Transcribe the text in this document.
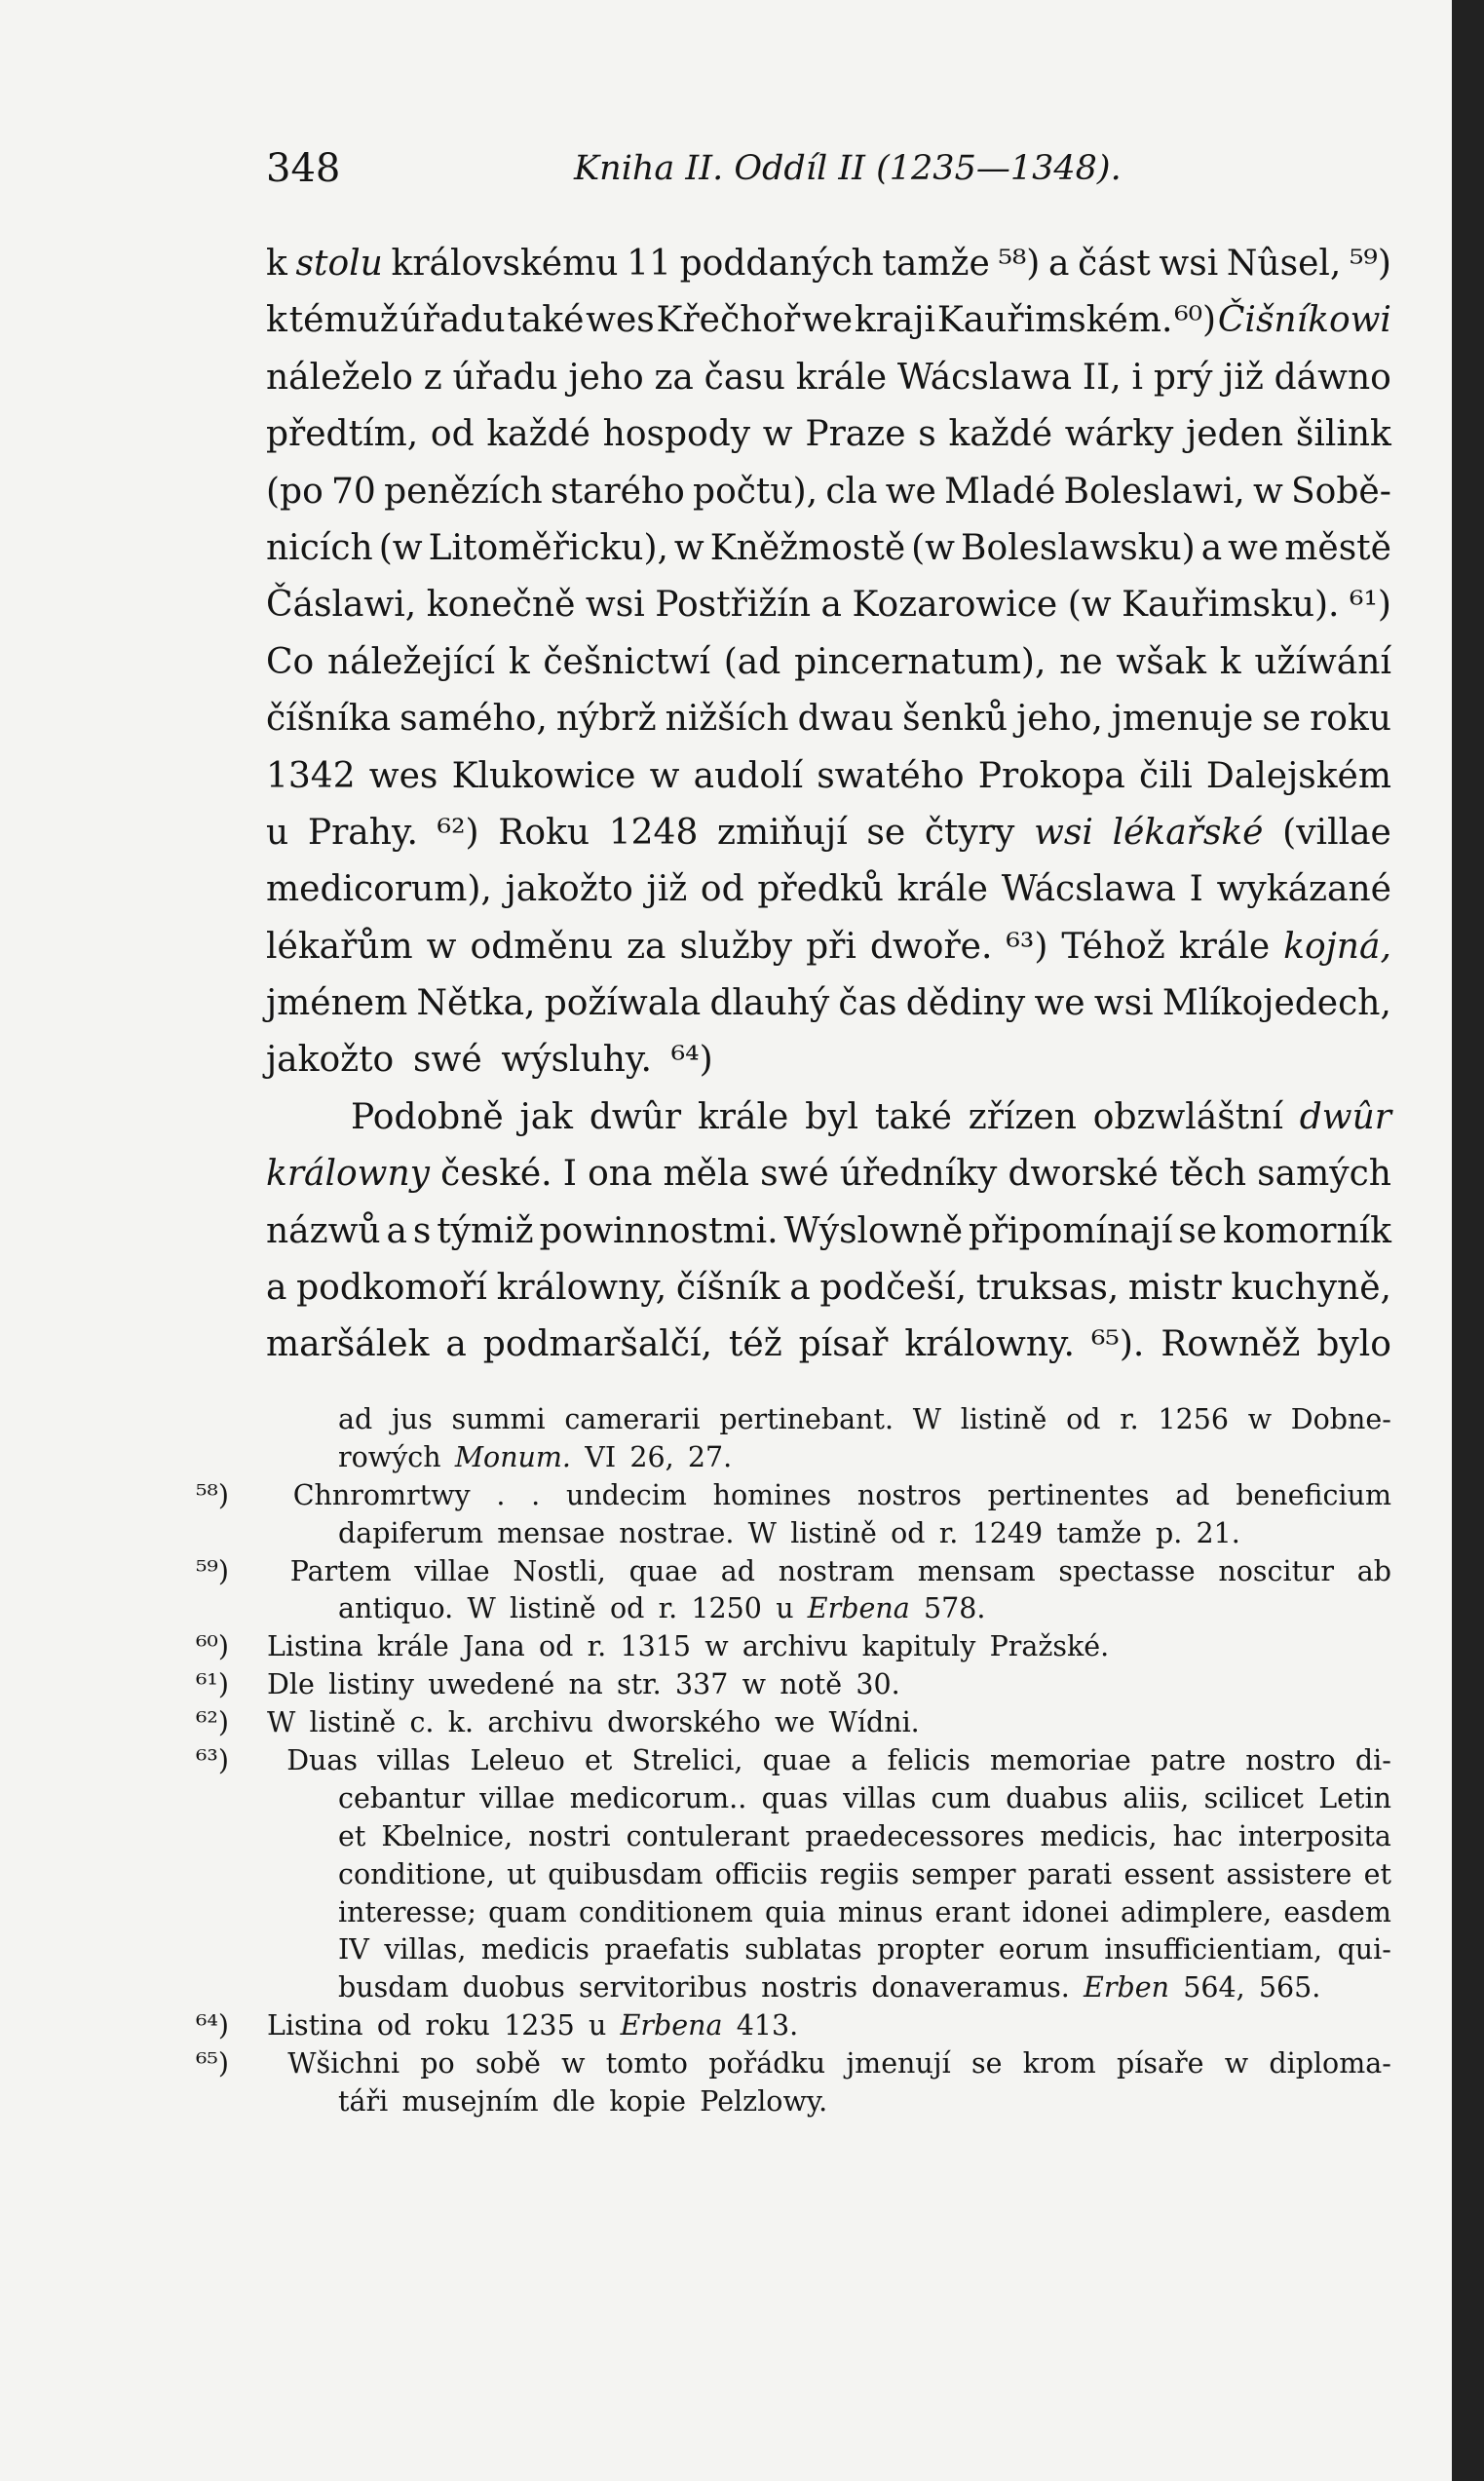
348	Kniha II. Oddíl II (1235—1348).
k stolu královskému 11 poddaných tamže ⁵⁸) a část wsi Nûsel, ⁵⁹)
k témuž úřadu také wes Křečhoř we kraji Kauřimském. ⁶⁰) Čišníkowi
náleželo z úřadu jeho za času krále Wácslawa II, i prý již dáwno
předtím, od každé hospody w Praze s každé wárky jeden šilink
(po 70 penězích starého počtu), cla we Mladé Boleslawi, w Sobě-
nicích (w Litoměřicku), w Kněžmostě (w Boleslawsku) a we městě
Čáslawi, konečně wsi Postřižín a Kozarowice (w Kauřimsku). ⁶¹)
Co náležející k češnictwí (ad pincernatum), ne wšak k užíwání
číšníka samého, nýbrž nižších dwau šenků jeho, jmenuje se roku
1342 wes Klukowice w audolí swatého Prokopa čili Dalejském
u Prahy. ⁶²) Roku 1248 zmiňují se čtyry wsi lékařské (villae
medicorum), jakožto již od předků krále Wácslawa I wykázané
lékařům w odměnu za služby při dwoře. ⁶³) Téhož krále kojná,
jménem Nětka, požíwala dlauhý čas dědiny we wsi Mlíkojedech,
jakožto swé wýsluhy. ⁶⁴)
Podobně jak dwûr krále byl také zřízen obzwláštní dwûr
králowny české. I ona měla swé úředníky dworské těch samých
názwů a s týmiž powinnostmi. Wýslowně připomínají se komorník
a podkomoří králowny, číšník a podčeší, truksas, mistr kuchyně,
maršálek a podmaršalčí, též písař králowny. ⁶⁵). Rowněž bylo
ad jus summi camerarii pertinebant. W listině od r. 1256 w Dobne-
rowých Monum. VI 26, 27.
⁵⁸)	Chnromrtwy . . undecim homines nostros pertinentes ad beneficium
dapiferum mensae nostrae. W listině od r. 1249 tamže p. 21.
⁵⁹)	Partem villae Nostli, quae ad nostram mensam spectasse noscitur ab
antiquo. W listině od r. 1250 u Erbena 578.
⁶⁰)	Listina krále Jana od r. 1315 w archivu kapituly Pražské.
⁶¹)	Dle listiny uwedené na str. 337 w notě 30.
⁶²)	W listině c. k. archivu dworského we Wídni.
⁶³)	Duas villas Leleuo et Strelici, quae a felicis memoriae patre nostro di-
cebantur villae medicorum.. quas villas cum duabus aliis, scilicet Letin
et Kbelnice, nostri contulerant praedecessores medicis, hac interposita
conditione, ut quibusdam officiis regiis semper parati essent assistere et
interesse; quam conditionem quia minus erant idonei adimplere, easdem
IV villas, medicis praefatis sublatas propter eorum insufficientiam, qui-
busdam duobus servitoribus nostris donaveramus. Erben 564, 565.
⁶⁴)	Listina od roku 1235 u Erbena 413.
⁶⁵)	Wšichni po sobě w tomto pořádku jmenují se krom písaře w diploma-
táři musejním dle kopie Pelzlowy.
